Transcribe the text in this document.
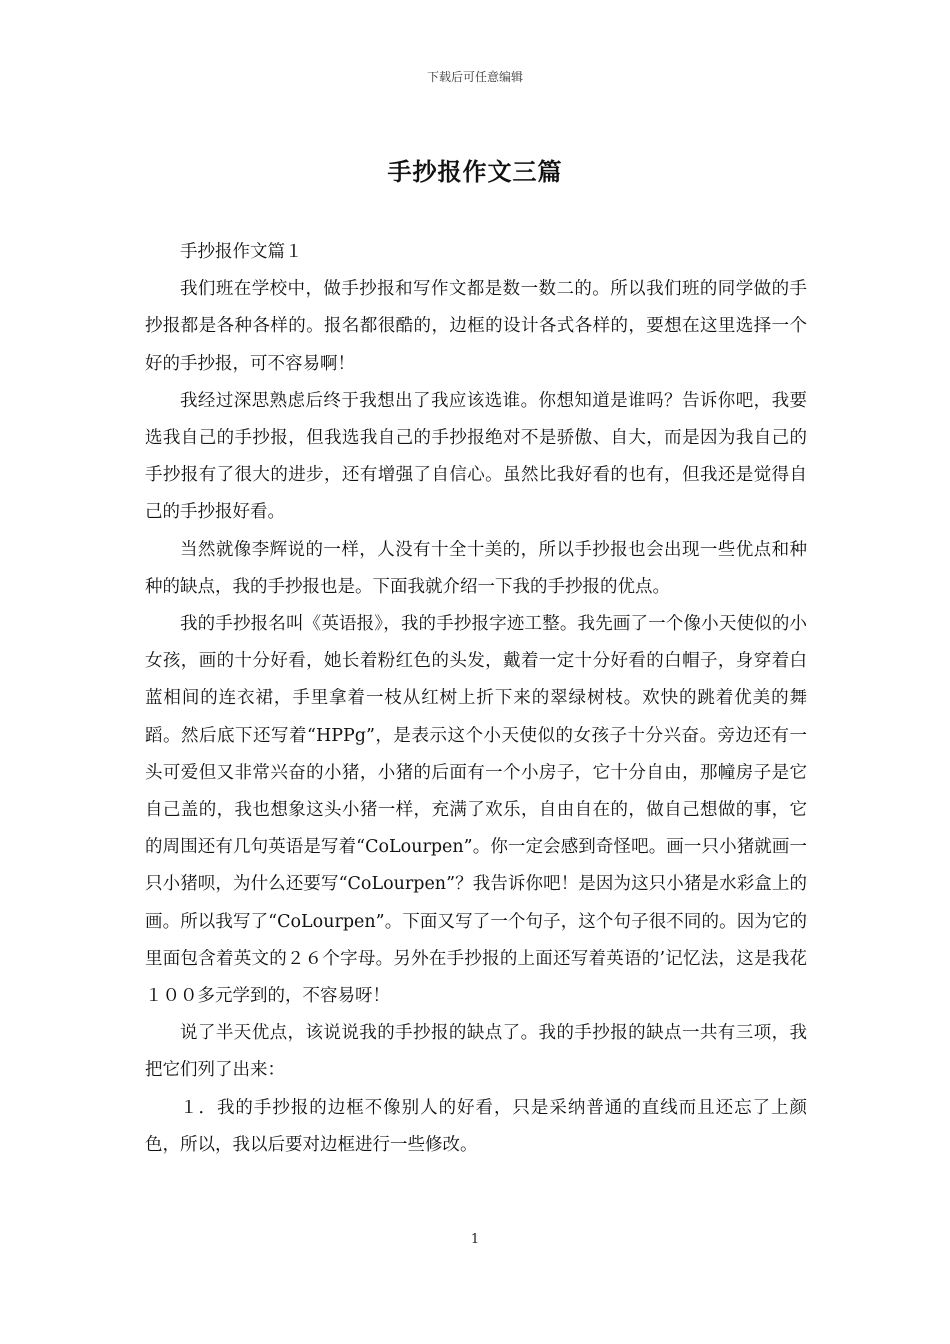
下载后可任意编辑
手抄报作文三篇

手抄报作文篇１

我们班在学校中，做手抄报和写作文都是数一数二的。所以我们班的同学做的手抄报都是各种各样的。报名都很酷的，边框的设计各式各样的，要想在这里选择一个好的手抄报，可不容易啊！

我经过深思熟虑后终于我想出了我应该选谁。你想知道是谁吗？告诉你吧，我要选我自己的手抄报，但我选我自己的手抄报绝对不是骄傲、自大，而是因为我自己的手抄报有了很大的进步，还有增强了自信心。虽然比我好看的也有，但我还是觉得自己的手抄报好看。

当然就像李辉说的一样，人没有十全十美的，所以手抄报也会出现一些优点和种种的缺点，我的手抄报也是。下面我就介绍一下我的手抄报的优点。

我的手抄报名叫《英语报》，我的手抄报字迹工整。我先画了一个像小天使似的小女孩，画的十分好看，她长着粉红色的头发，戴着一定十分好看的白帽子，身穿着白蓝相间的连衣裙，手里拿着一枝从红树上折下来的翠绿树枝。欢快的跳着优美的舞蹈。然后底下还写着“HPPg”，是表示这个小天使似的女孩子十分兴奋。旁边还有一头可爱但又非常兴奋的小猪，小猪的后面有一个小房子，它十分自由，那幢房子是它自己盖的，我也想象这头小猪一样，充满了欢乐，自由自在的，做自己想做的事，它的周围还有几句英语是写着“CoLourpen”。你一定会感到奇怪吧。画一只小猪就画一只小猪呗，为什么还要写“CoLourpen”？我告诉你吧！是因为这只小猪是水彩盒上的画。所以我写了“CoLourpen”。下面又写了一个句子，这个句子很不同的。因为它的里面包含着英文的２６个字母。另外在手抄报的上面还写着英语的’记忆法，这是我花１００多元学到的，不容易呀！

说了半天优点，该说说我的手抄报的缺点了。我的手抄报的缺点一共有三项，我把它们列了出来：

１．我的手抄报的边框不像别人的好看，只是采纳普通的直线而且还忘了上颜色，所以，我以后要对边框进行一些修改。

1
